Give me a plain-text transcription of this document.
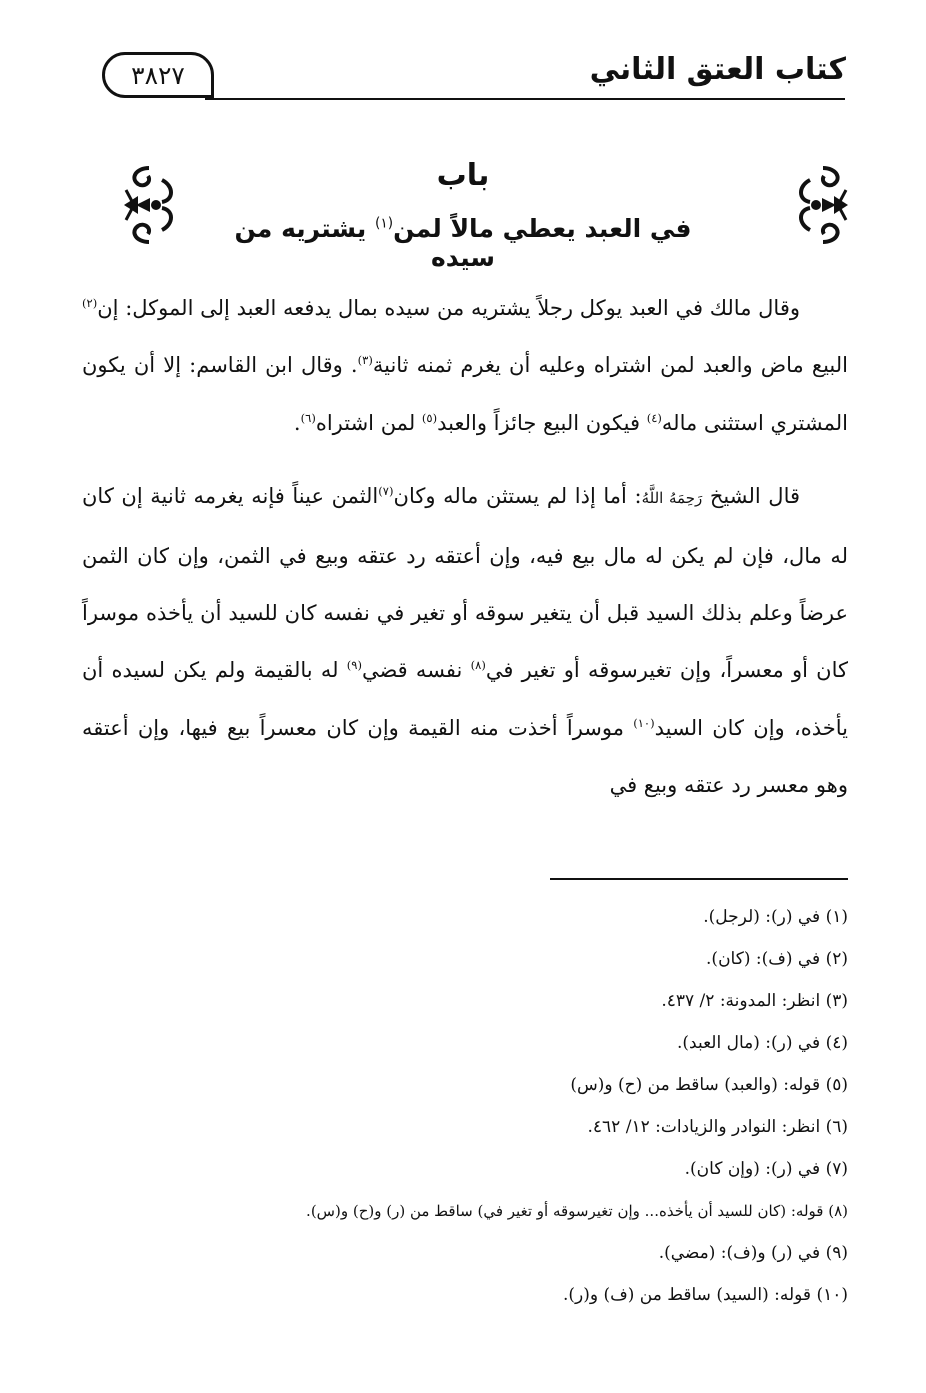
كتاب العتق الثاني
٣٨٢٧
باب
في العبد يعطي مالاً لمن$^{(١)}$ يشتريه من سيده

وقال مالك في العبد يوكل رجلاً يشتريه من سيده بمال يدفعه العبد إلى الموكل: إن$^{(٢)}$ البيع ماض والعبد لمن اشتراه وعليه أن يغرم ثمنه ثانية$^{(٣)}$. وقال ابن القاسم: إلا أن يكون المشتري استثنى ماله$^{(٤)}$ فيكون البيع جائزاً والعبد$^{(٥)}$ لمن اشتراه$^{(٦)}$.

قال الشيخ رَحِمَهُ اللَّهُ: أما إذا لم يستثن ماله وكان$^{(٧)}$الثمن عيناً فإنه يغرمه ثانية إن كان له مال، فإن لم يكن له مال بيع فيه، وإن أعتقه رد عتقه وبيع في الثمن، وإن كان الثمن عرضاً وعلم بذلك السيد قبل أن يتغير سوقه أو تغير في نفسه كان للسيد أن يأخذه موسراً كان أو معسراً، وإن تغيرسوقه أو تغير في$^{(٨)}$ نفسه قضي$^{(٩)}$ له بالقيمة ولم يكن لسيده أن يأخذه، وإن كان السيد$^{(١٠)}$ موسراً أخذت منه القيمة وإن كان معسراً بيع فيها، وإن أعتقه وهو معسر رد عتقه وبيع في

(١) في (ر): (لرجل).
(٢) في (ف): (كان).
(٣) انظر: المدونة: ٢/ ٤٣٧.
(٤) في (ر): (مال العبد).
(٥) قوله: (والعبد) ساقط من (ح) و(س)
(٦) انظر: النوادر والزيادات: ١٢/ ٤٦٢.
(٧) في (ر): (وإن كان).
(٨) قوله: (كان للسيد أن يأخذه... وإن تغيرسوقه أو تغير في) ساقط من (ر) و(ح) و(س).
(٩) في (ر) و(ف): (مضي).
(١٠) قوله: (السيد) ساقط من (ف) و(ر).
